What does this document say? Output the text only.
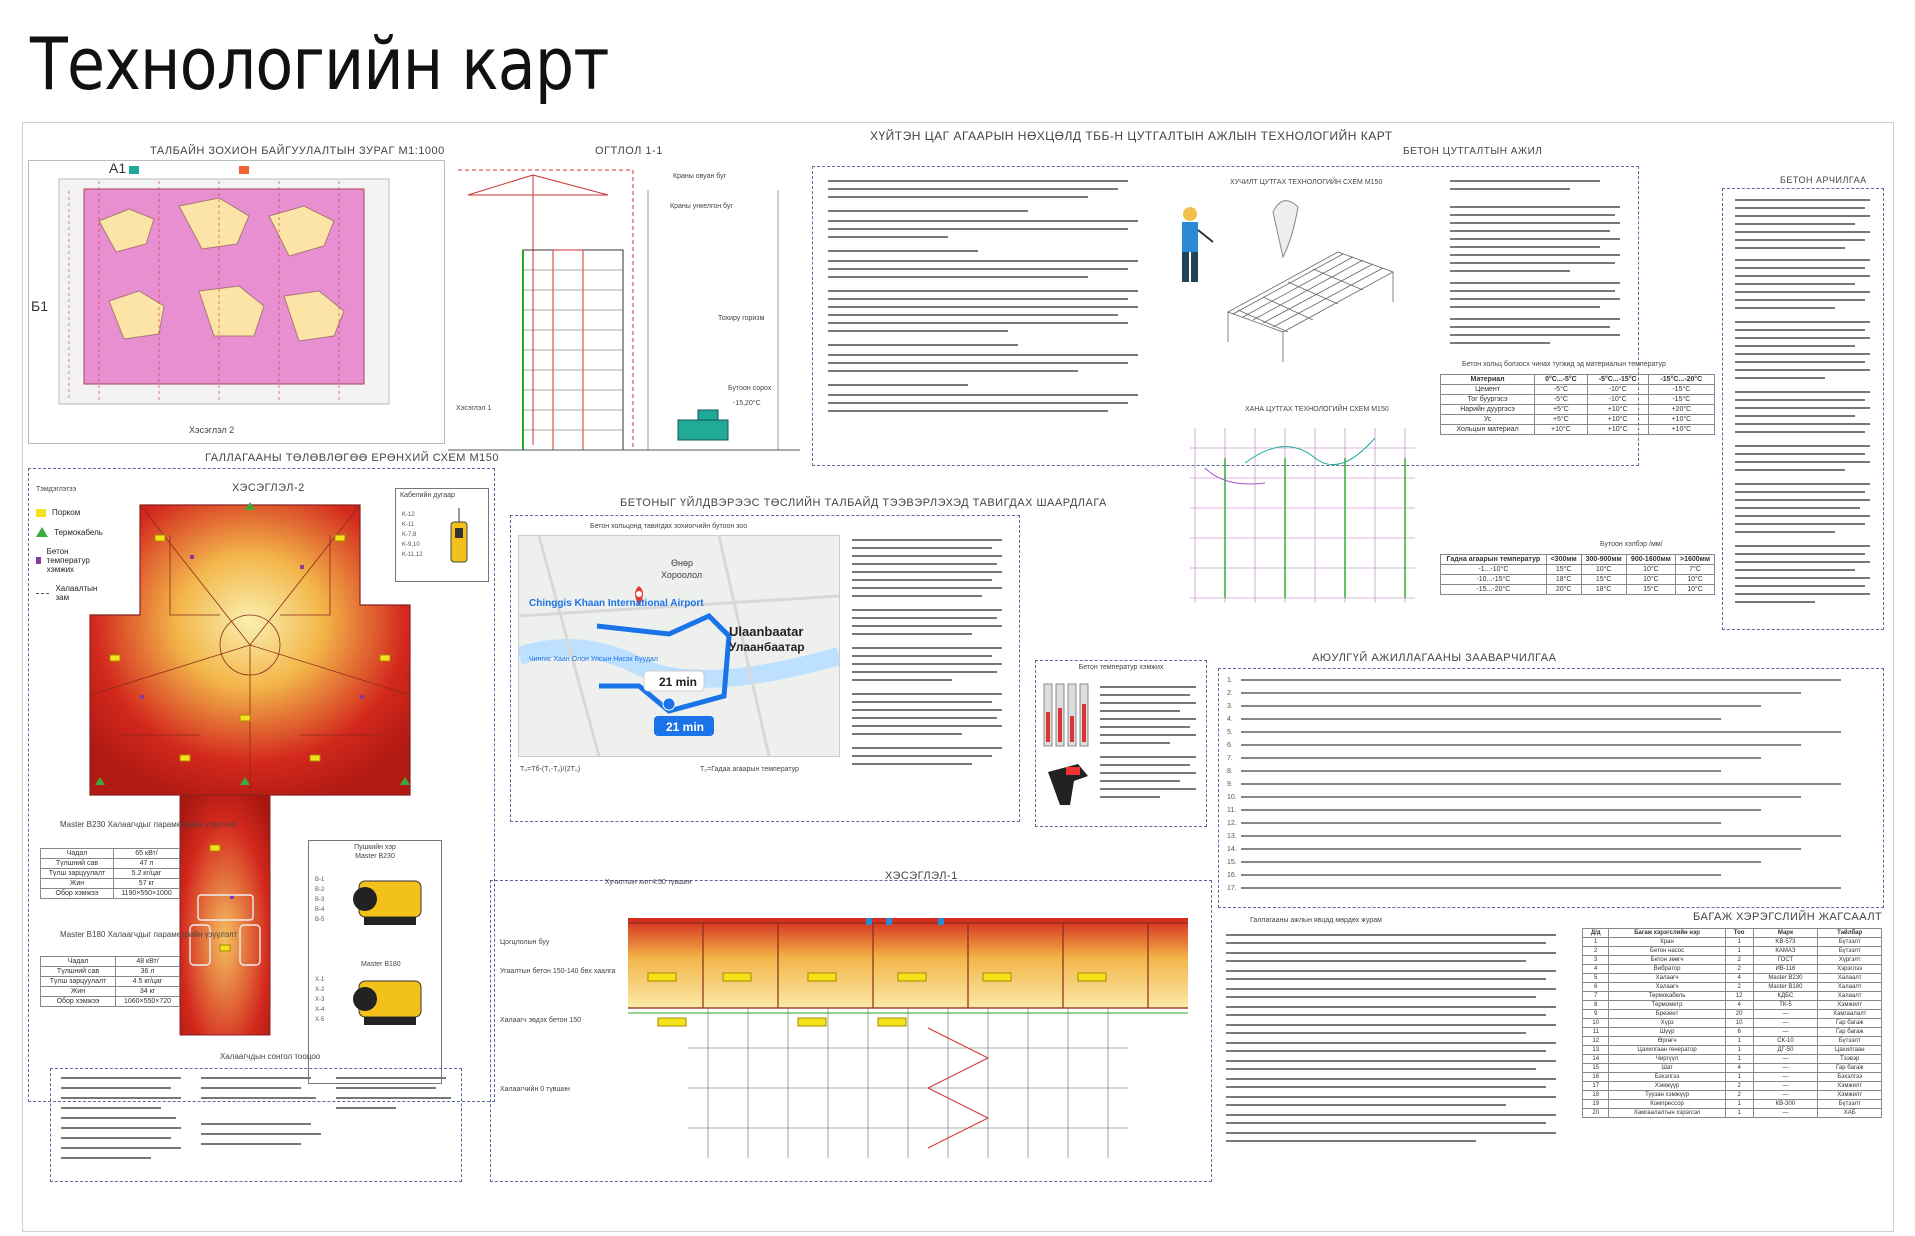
Технологийн карт
ХҮЙТЭН ЦАГ АГААРЫН НӨХЦӨЛД ТББ-Н ЦУТГАЛТЫН АЖЛЫН ТЕХНОЛОГИЙН КАРТ
ТАЛБАЙН ЗОХИОН БАЙГУУЛАЛТЫН ЗУРАГ М1:1000
А1
Б1
Хэсэглэл 2
ОГТЛОЛ 1-1
Краны овуан буг
Краны ункелгон буг
Тохиру горизм
Бутоон сорох
-15,20°С
Хэсэглэл 1
БЕТОН ЦУТГАЛТЫН АЖИЛ
ХУЧИЛТ ЦУТГАХ ТЕХНОЛОГИЙН СХЕМ М150	БЕТОН АРЧИЛГАА
Бетон хольц болзосх чинах тугжид эд материалын температур
Материал	0°C...-5°C	-5°C...-15°C	-15°C...-20°C
Цемент	-5°C	-10°C	-15°C
Тог буургэсэ	-5°C	-10°C	-15°C
Нарийн дуургэсэ	+5°C	+10°C	+20°C
Ус	+5°C	+10°C	+10°C
Хольцын материал	+10°C	+10°C	+10°C
Бутоон хэлбэр /мм/
Гадна агаарын температур	<300мм	300-900мм	900-1600мм	>1600мм
-1...-10°C	15°C	10°C	10°C	7°C
-10...-15°C	18°C	15°C	10°C	10°C
-15...-20°C	20°C	18°C	15°C	10°C
ХАНА ЦУТГАХ ТЕХНОЛОГИЙН СХЕМ М150
ГАЛЛАГААНЫ ТӨЛӨВЛӨГӨӨ ЕРӨНХИЙ СХЕМ М150
ХЭСЭГЛЭЛ-2
Тэмдэглэгээ
Порком
Термокабель
Бетон температур хэмжих
Халаалтын зам
Кабелийн дугаар
K-12
K-11
K-7,8
K-9,10
K-11,12
Master B230 Халаагчдыг параметрийн үзүүлэлт
Чадал	65 кВт/
Түлшний сав	47 л
Түлш зарцуулалт	5.2 кг/цаг
Жин	57 кг
Обор хэмжээ	1190×550×1000
Master B180 Халаагчдыг параметрийн үзүүлэлт
Чадал	48 кВт/
Түлшний сав	36 л
Түлш зарцуулалт	4.5 кг/цаг
Жин	34 кг
Обор хэмжээ	1060×550×720
Пушкийн хэр
Master B230
B-1
B-2
B-3
B-4
B-5
X-1
X-2
X-3
X-4
X-5
Master B180
Халаагчдын сонгол тооцоо
БЕТОНЫГ ҮЙЛДВЭРЭЭС ТӨСЛИЙН ТАЛБАЙД ТЭЭВЭРЛЭХЭД ТАВИГДАХ ШААРДЛАГА
Бетон хольцонд тавигдах зохиогчийн бутоон зоо
21 min
21 min
Өнөр
Хороолол
Chinggis Khaan International Airport
Чингис Хаан Олон Улсын Нисэх Буудал
Ulaanbaatar
Улаанбаатар
T₀=Tб-(T₁-T₂)/(2T₀)	T₀=Гадаа агаарын температур
Бетон температур хэмжих
АЮУЛГҮЙ АЖИЛЛАГААНЫ ЗААВАРЧИЛГАА
1.
2.
3.
4.
5.
6.
7.
8.
9.
10.
11.
12.
13.
14.
15.
16.
17.
ХЭСЭГЛЭЛ-1
Хучилтын хил 4.50 түвшин
Цогцлолын буу
Угаалтын бетон 150-140 бөх хаалга
Халаагч эвдэх бетон 150
Халаагчийн 0 түвшин
Галлагааны ажлын явцад мөрдөх журам	БАГАЖ ХЭРЭГСЛИЙН ЖАГСААЛТ
Д/д	Багаж хэрэгслийн нэр	Тоо	Марк	Тайлбар
1	Кран	1	KB-573	Бүтээлт
2	Бетон насос	1	КАМАЗ	Бүтээлт
3	Бетон зөөгч	2	ГОСТ	Хүргэлт
4	Вибратор	2	ИВ-116	Хэрэглээ
5	Халаагч	4	Master B230	Халаалт
6	Халаагч	2	Master B180	Халаалт
7	Термокабель	12	КДБС	Халаалт
8	Термометр	4	ТК-5	Хэмжилт
9	Брезент	20	—	Хамгаалалт
10	Хүрз	10	—	Гар багаж
11	Шүүр	6	—	Гар багаж
12	Өргөгч	1	СК-10	Бүтээлт
13	Цахилгаан генератор	1	ДГ-50	Цахилгаан
14	Чиргүүл	1	—	Тээвэр
15	Шат	4	—	Гар багаж
16	Бэхэлгээ	1	—	Бэхэлгээ
17	Хэмжүүр	2	—	Хэмжилт
18	Туузан хэмжүүр	2	—	Хэмжилт
19	Компрессор	1	КВ-300	Бүтээлт
20	Хамгаалалтын хэрэгсэл	1	—	ХАБ
